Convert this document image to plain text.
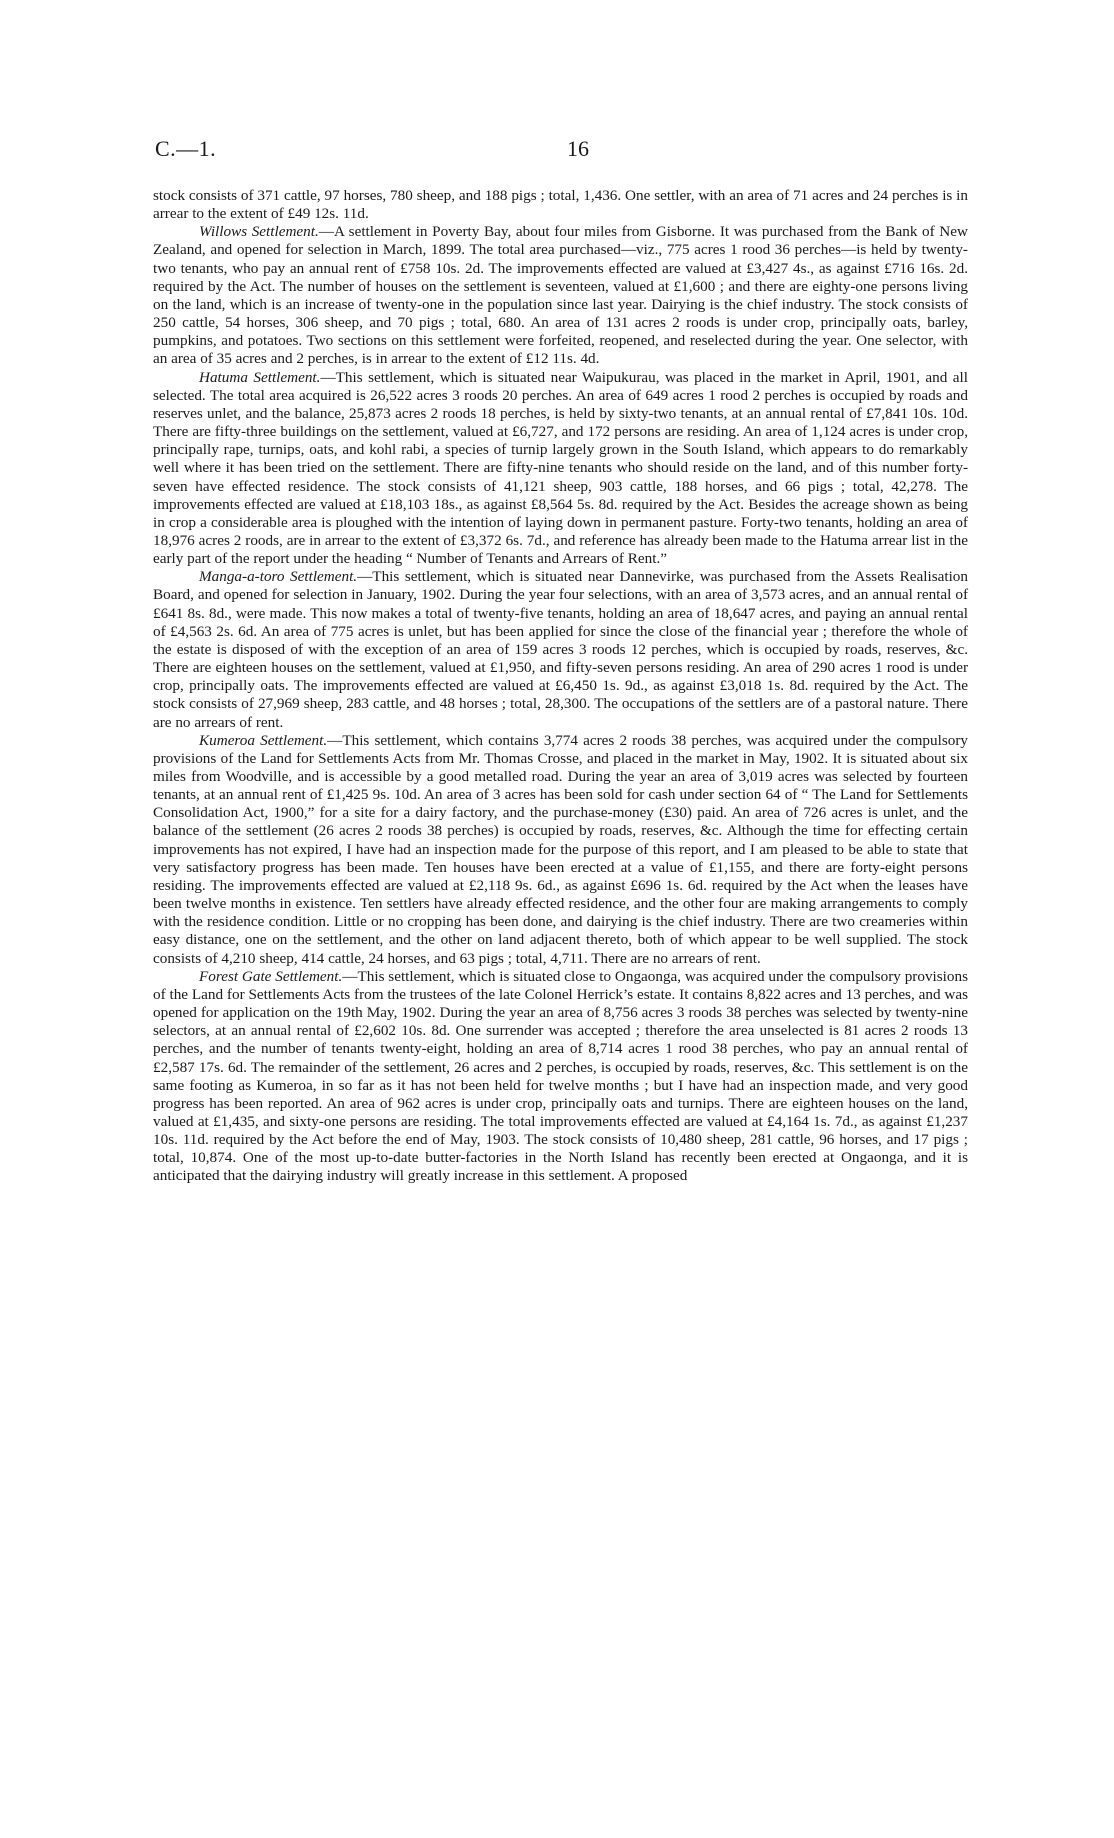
C.—1.	16

stock consists of 371 cattle, 97 horses, 780 sheep, and 188 pigs ; total, 1,436. One settler, with an area of 71 acres and 24 perches is in arrear to the extent of £49 12s. 11d.

Willows Settlement.—A settlement in Poverty Bay, about four miles from Gisborne. It was purchased from the Bank of New Zealand, and opened for selection in March, 1899. The total area purchased—viz., 775 acres 1 rood 36 perches—is held by twenty-two tenants, who pay an annual rent of £758 10s. 2d. The improvements effected are valued at £3,427 4s., as against £716 16s. 2d. required by the Act. The number of houses on the settlement is seventeen, valued at £1,600 ; and there are eighty-one persons living on the land, which is an increase of twenty-one in the population since last year. Dairying is the chief industry. The stock consists of 250 cattle, 54 horses, 306 sheep, and 70 pigs ; total, 680. An area of 131 acres 2 roods is under crop, principally oats, barley, pumpkins, and potatoes. Two sections on this settlement were forfeited, reopened, and reselected during the year. One selector, with an area of 35 acres and 2 perches, is in arrear to the extent of £12 11s. 4d.

Hatuma Settlement.—This settlement, which is situated near Waipukurau, was placed in the market in April, 1901, and all selected. The total area acquired is 26,522 acres 3 roods 20 perches. An area of 649 acres 1 rood 2 perches is occupied by roads and reserves unlet, and the balance, 25,873 acres 2 roods 18 perches, is held by sixty-two tenants, at an annual rental of £7,841 10s. 10d. There are fifty-three buildings on the settlement, valued at £6,727, and 172 persons are residing. An area of 1,124 acres is under crop, principally rape, turnips, oats, and kohl rabi, a species of turnip largely grown in the South Island, which appears to do remarkably well where it has been tried on the settlement. There are fifty-nine tenants who should reside on the land, and of this number forty-seven have effected residence. The stock consists of 41,121 sheep, 903 cattle, 188 horses, and 66 pigs ; total, 42,278. The improvements effected are valued at £18,103 18s., as against £8,564 5s. 8d. required by the Act. Besides the acreage shown as being in crop a considerable area is ploughed with the intention of laying down in permanent pasture. Forty-two tenants, holding an area of 18,976 acres 2 roods, are in arrear to the extent of £3,372 6s. 7d., and reference has already been made to the Hatuma arrear list in the early part of the report under the heading “ Number of Tenants and Arrears of Rent.”

Manga-a-toro Settlement.—This settlement, which is situated near Dannevirke, was purchased from the Assets Realisation Board, and opened for selection in January, 1902. During the year four selections, with an area of 3,573 acres, and an annual rental of £641 8s. 8d., were made. This now makes a total of twenty-five tenants, holding an area of 18,647 acres, and paying an annual rental of £4,563 2s. 6d. An area of 775 acres is unlet, but has been applied for since the close of the financial year ; therefore the whole of the estate is disposed of with the exception of an area of 159 acres 3 roods 12 perches, which is occupied by roads, reserves, &c. There are eighteen houses on the settlement, valued at £1,950, and fifty-seven persons residing. An area of 290 acres 1 rood is under crop, principally oats. The improvements effected are valued at £6,450 1s. 9d., as against £3,018 1s. 8d. required by the Act. The stock consists of 27,969 sheep, 283 cattle, and 48 horses ; total, 28,300. The occupations of the settlers are of a pastoral nature. There are no arrears of rent.

Kumeroa Settlement.—This settlement, which contains 3,774 acres 2 roods 38 perches, was acquired under the compulsory provisions of the Land for Settlements Acts from Mr. Thomas Crosse, and placed in the market in May, 1902. It is situated about six miles from Woodville, and is accessible by a good metalled road. During the year an area of 3,019 acres was selected by fourteen tenants, at an annual rent of £1,425 9s. 10d. An area of 3 acres has been sold for cash under section 64 of “ The Land for Settlements Consolidation Act, 1900,” for a site for a dairy factory, and the purchase-money (£30) paid. An area of 726 acres is unlet, and the balance of the settlement (26 acres 2 roods 38 perches) is occupied by roads, reserves, &c. Although the time for effecting certain improvements has not expired, I have had an inspection made for the purpose of this report, and I am pleased to be able to state that very satisfactory progress has been made. Ten houses have been erected at a value of £1,155, and there are forty-eight persons residing. The improvements effected are valued at £2,118 9s. 6d., as against £696 1s. 6d. required by the Act when the leases have been twelve months in existence. Ten settlers have already effected residence, and the other four are making arrangements to comply with the residence condition. Little or no cropping has been done, and dairying is the chief industry. There are two creameries within easy distance, one on the settlement, and the other on land adjacent thereto, both of which appear to be well supplied. The stock consists of 4,210 sheep, 414 cattle, 24 horses, and 63 pigs ; total, 4,711. There are no arrears of rent.

Forest Gate Settlement.—This settlement, which is situated close to Ongaonga, was acquired under the compulsory provisions of the Land for Settlements Acts from the trustees of the late Colonel Herrick’s estate. It contains 8,822 acres and 13 perches, and was opened for application on the 19th May, 1902. During the year an area of 8,756 acres 3 roods 38 perches was selected by twenty-nine selectors, at an annual rental of £2,602 10s. 8d. One surrender was accepted ; therefore the area unselected is 81 acres 2 roods 13 perches, and the number of tenants twenty-eight, holding an area of 8,714 acres 1 rood 38 perches, who pay an annual rental of £2,587 17s. 6d. The remainder of the settlement, 26 acres and 2 perches, is occupied by roads, reserves, &c. This settlement is on the same footing as Kumeroa, in so far as it has not been held for twelve months ; but I have had an inspection made, and very good progress has been reported. An area of 962 acres is under crop, principally oats and turnips. There are eighteen houses on the land, valued at £1,435, and sixty-one persons are residing. The total improvements effected are valued at £4,164 1s. 7d., as against £1,237 10s. 11d. required by the Act before the end of May, 1903. The stock consists of 10,480 sheep, 281 cattle, 96 horses, and 17 pigs ; total, 10,874. One of the most up-to-date butter-factories in the North Island has recently been erected at Ongaonga, and it is anticipated that the dairying industry will greatly increase in this settlement. A proposed
